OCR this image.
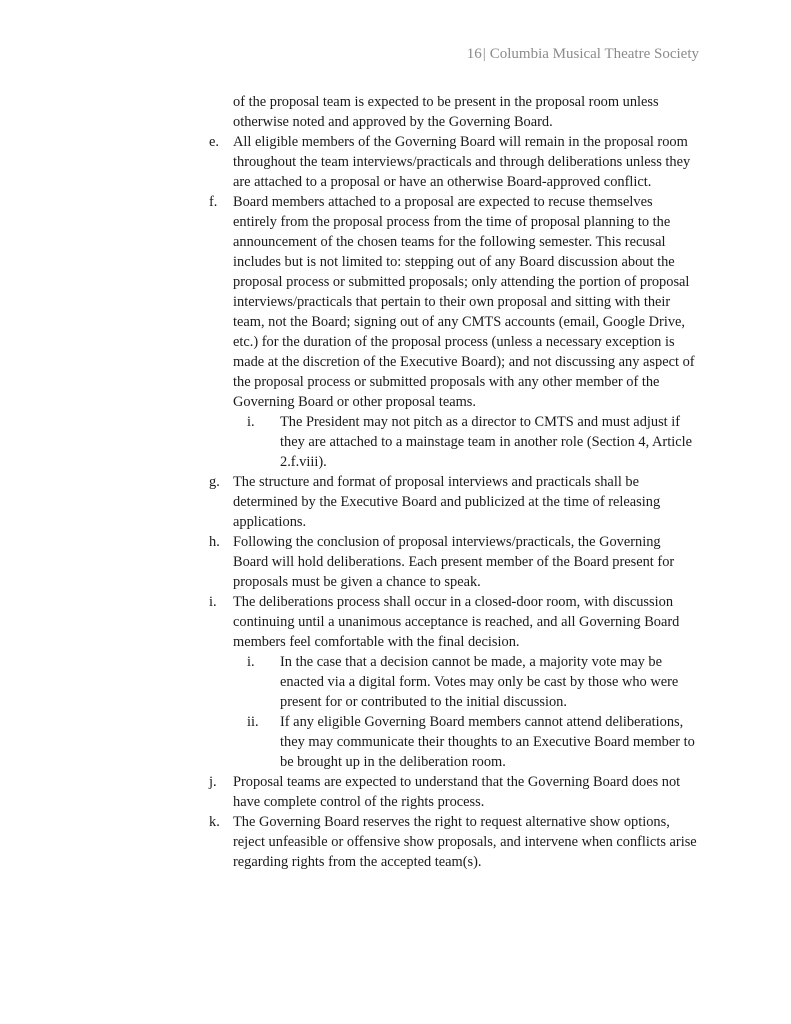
16| Columbia Musical Theatre Society
of the proposal team is expected to be present in the proposal room unless otherwise noted and approved by the Governing Board.
e. All eligible members of the Governing Board will remain in the proposal room throughout the team interviews/practicals and through deliberations unless they are attached to a proposal or have an otherwise Board-approved conflict.
f. Board members attached to a proposal are expected to recuse themselves entirely from the proposal process from the time of proposal planning to the announcement of the chosen teams for the following semester. This recusal includes but is not limited to: stepping out of any Board discussion about the proposal process or submitted proposals; only attending the portion of proposal interviews/practicals that pertain to their own proposal and sitting with their team, not the Board; signing out of any CMTS accounts (email, Google Drive, etc.) for the duration of the proposal process (unless a necessary exception is made at the discretion of the Executive Board); and not discussing any aspect of the proposal process or submitted proposals with any other member of the Governing Board or other proposal teams.
i. The President may not pitch as a director to CMTS and must adjust if they are attached to a mainstage team in another role (Section 4, Article 2.f.viii).
g. The structure and format of proposal interviews and practicals shall be determined by the Executive Board and publicized at the time of releasing applications.
h. Following the conclusion of proposal interviews/practicals, the Governing Board will hold deliberations. Each present member of the Board present for proposals must be given a chance to speak.
i. The deliberations process shall occur in a closed-door room, with discussion continuing until a unanimous acceptance is reached, and all Governing Board members feel comfortable with the final decision.
i. In the case that a decision cannot be made, a majority vote may be enacted via a digital form. Votes may only be cast by those who were present for or contributed to the initial discussion.
ii. If any eligible Governing Board members cannot attend deliberations, they may communicate their thoughts to an Executive Board member to be brought up in the deliberation room.
j. Proposal teams are expected to understand that the Governing Board does not have complete control of the rights process.
k. The Governing Board reserves the right to request alternative show options, reject unfeasible or offensive show proposals, and intervene when conflicts arise regarding rights from the accepted team(s).
